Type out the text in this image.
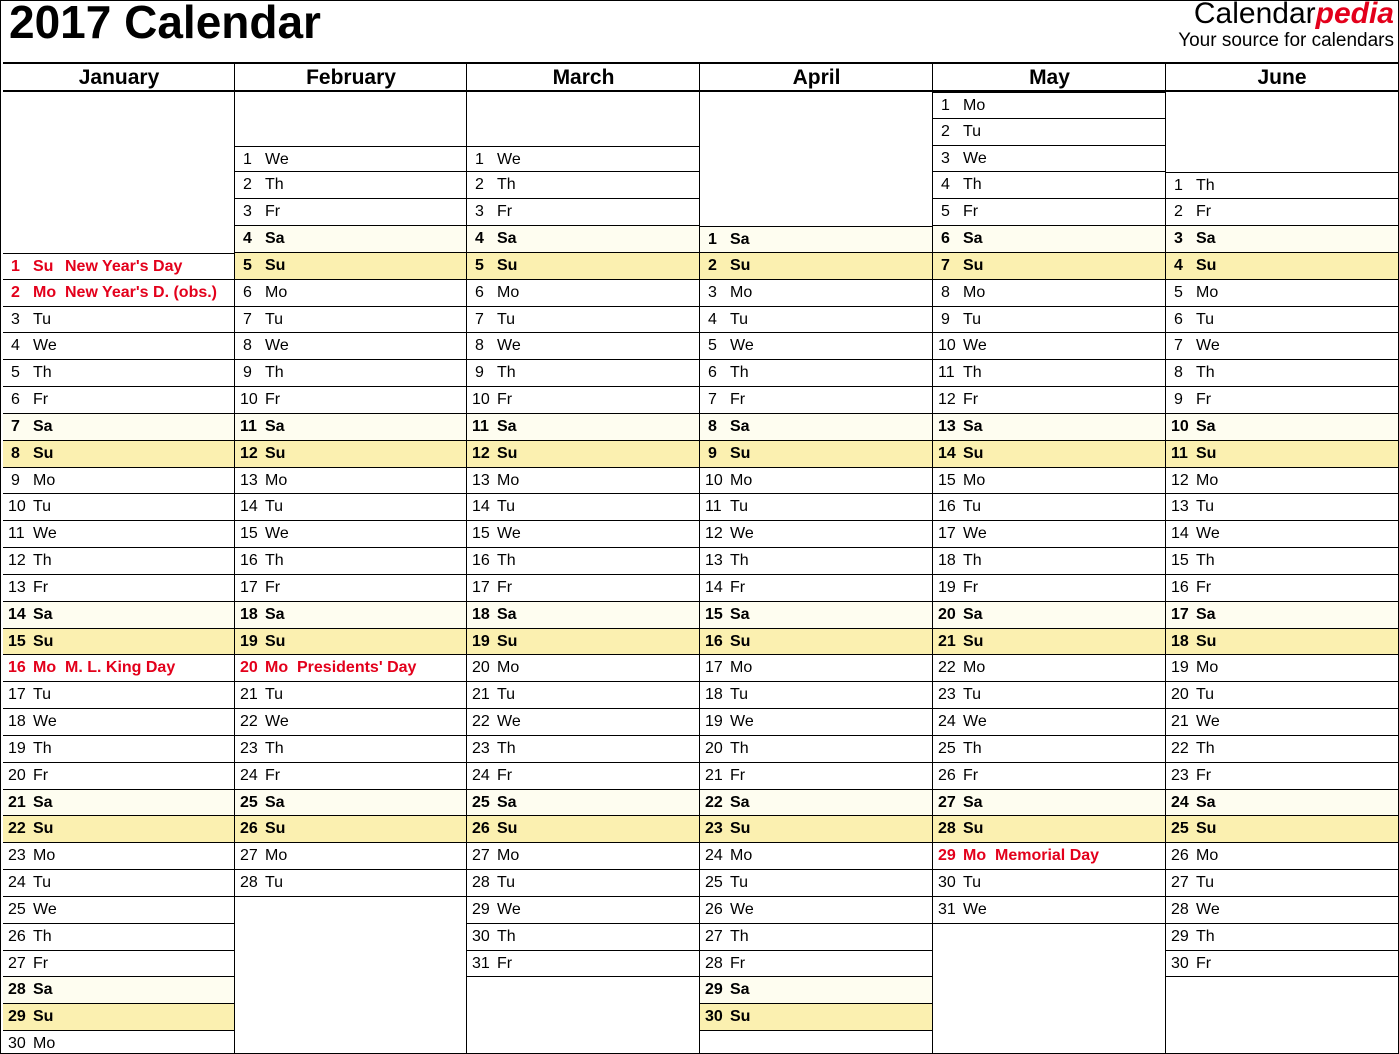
2017 Calendar	Calendarpedia
Your source for calendars
January
1 Su New Year's Day
2 Mo New Year's D. (obs.)
3 Tu
4 We
5 Th
6 Fr
7 Sa
8 Su
9 Mo
10 Tu
11 We
12 Th
13 Fr
14 Sa
15 Su
16 Mo M. L. King Day
17 Tu
18 We
19 Th
20 Fr
21 Sa
22 Su
23 Mo
24 Tu
25 We
26 Th
27 Fr
28 Sa
29 Su
30 Mo
February
1 We
2 Th
3 Fr
4 Sa
5 Su
6 Mo
7 Tu
8 We
9 Th
10 Fr
11 Sa
12 Su
13 Mo
14 Tu
15 We
16 Th
17 Fr
18 Sa
19 Su
20 Mo Presidents' Day
21 Tu
22 We
23 Th
24 Fr
25 Sa
26 Su
27 Mo
28 Tu
March
1 We
2 Th
3 Fr
4 Sa
5 Su
6 Mo
7 Tu
8 We
9 Th
10 Fr
11 Sa
12 Su
13 Mo
14 Tu
15 We
16 Th
17 Fr
18 Sa
19 Su
20 Mo
21 Tu
22 We
23 Th
24 Fr
25 Sa
26 Su
27 Mo
28 Tu
29 We
30 Th
31 Fr
April
1 Sa
2 Su
3 Mo
4 Tu
5 We
6 Th
7 Fr
8 Sa
9 Su
10 Mo
11 Tu
12 We
13 Th
14 Fr
15 Sa
16 Su
17 Mo
18 Tu
19 We
20 Th
21 Fr
22 Sa
23 Su
24 Mo
25 Tu
26 We
27 Th
28 Fr
29 Sa
30 Su
May
1 Mo
2 Tu
3 We
4 Th
5 Fr
6 Sa
7 Su
8 Mo
9 Tu
10 We
11 Th
12 Fr
13 Sa
14 Su
15 Mo
16 Tu
17 We
18 Th
19 Fr
20 Sa
21 Su
22 Mo
23 Tu
24 We
25 Th
26 Fr
27 Sa
28 Su
29 Mo Memorial Day
30 Tu
31 We
June
1 Th
2 Fr
3 Sa
4 Su
5 Mo
6 Tu
7 We
8 Th
9 Fr
10 Sa
11 Su
12 Mo
13 Tu
14 We
15 Th
16 Fr
17 Sa
18 Su
19 Mo
20 Tu
21 We
22 Th
23 Fr
24 Sa
25 Su
26 Mo
27 Tu
28 We
29 Th
30 Fr
